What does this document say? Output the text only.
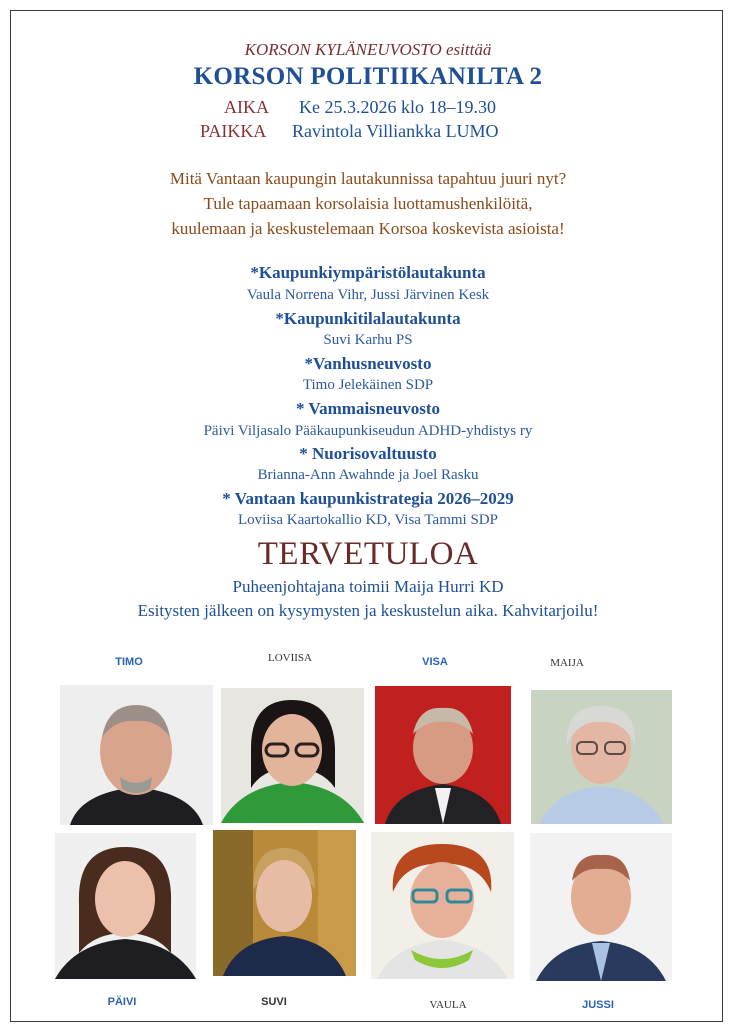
KORSON KYLÄNEUVOSTO esittää
KORSON POLITIIKANILTA 2
AIKA Ke 25.3.2026 klo 18–19.30
PAIKKA Ravintola Villiankka LUMO
Mitä Vantaan kaupungin lautakunnissa tapahtuu juuri nyt?
Tule tapaamaan korsolaisia luottamushenkilöitä,
kuulemaan ja keskustelemaan Korsoa koskevista asioista!
*Kaupunkiympäristölautakunta
Vaula Norrena Vihr, Jussi Järvinen Kesk
*Kaupunkitilalautakunta
Suvi Karhu PS
*Vanhusneuvosto
Timo Jelekäinen SDP
* Vammaisneuvosto
Päivi Viljasalo Pääkaupunkiseudun ADHD-yhdistys ry
* Nuorisovaltuusto
Brianna-Ann Awahnde ja Joel Rasku
* Vantaan kaupunkistrategia 2026–2029
Loviisa Kaartokallio KD, Visa Tammi SDP
TERVETULOA
Puheenjohtajana toimii Maija Hurri KD
Esitysten jälkeen on kysymysten ja keskustelun aika. Kahvitarjoilu!
TIMO	LOVIISA	VISA	MAIJA
PÄIVI	SUVI	VAULA	JUSSI
